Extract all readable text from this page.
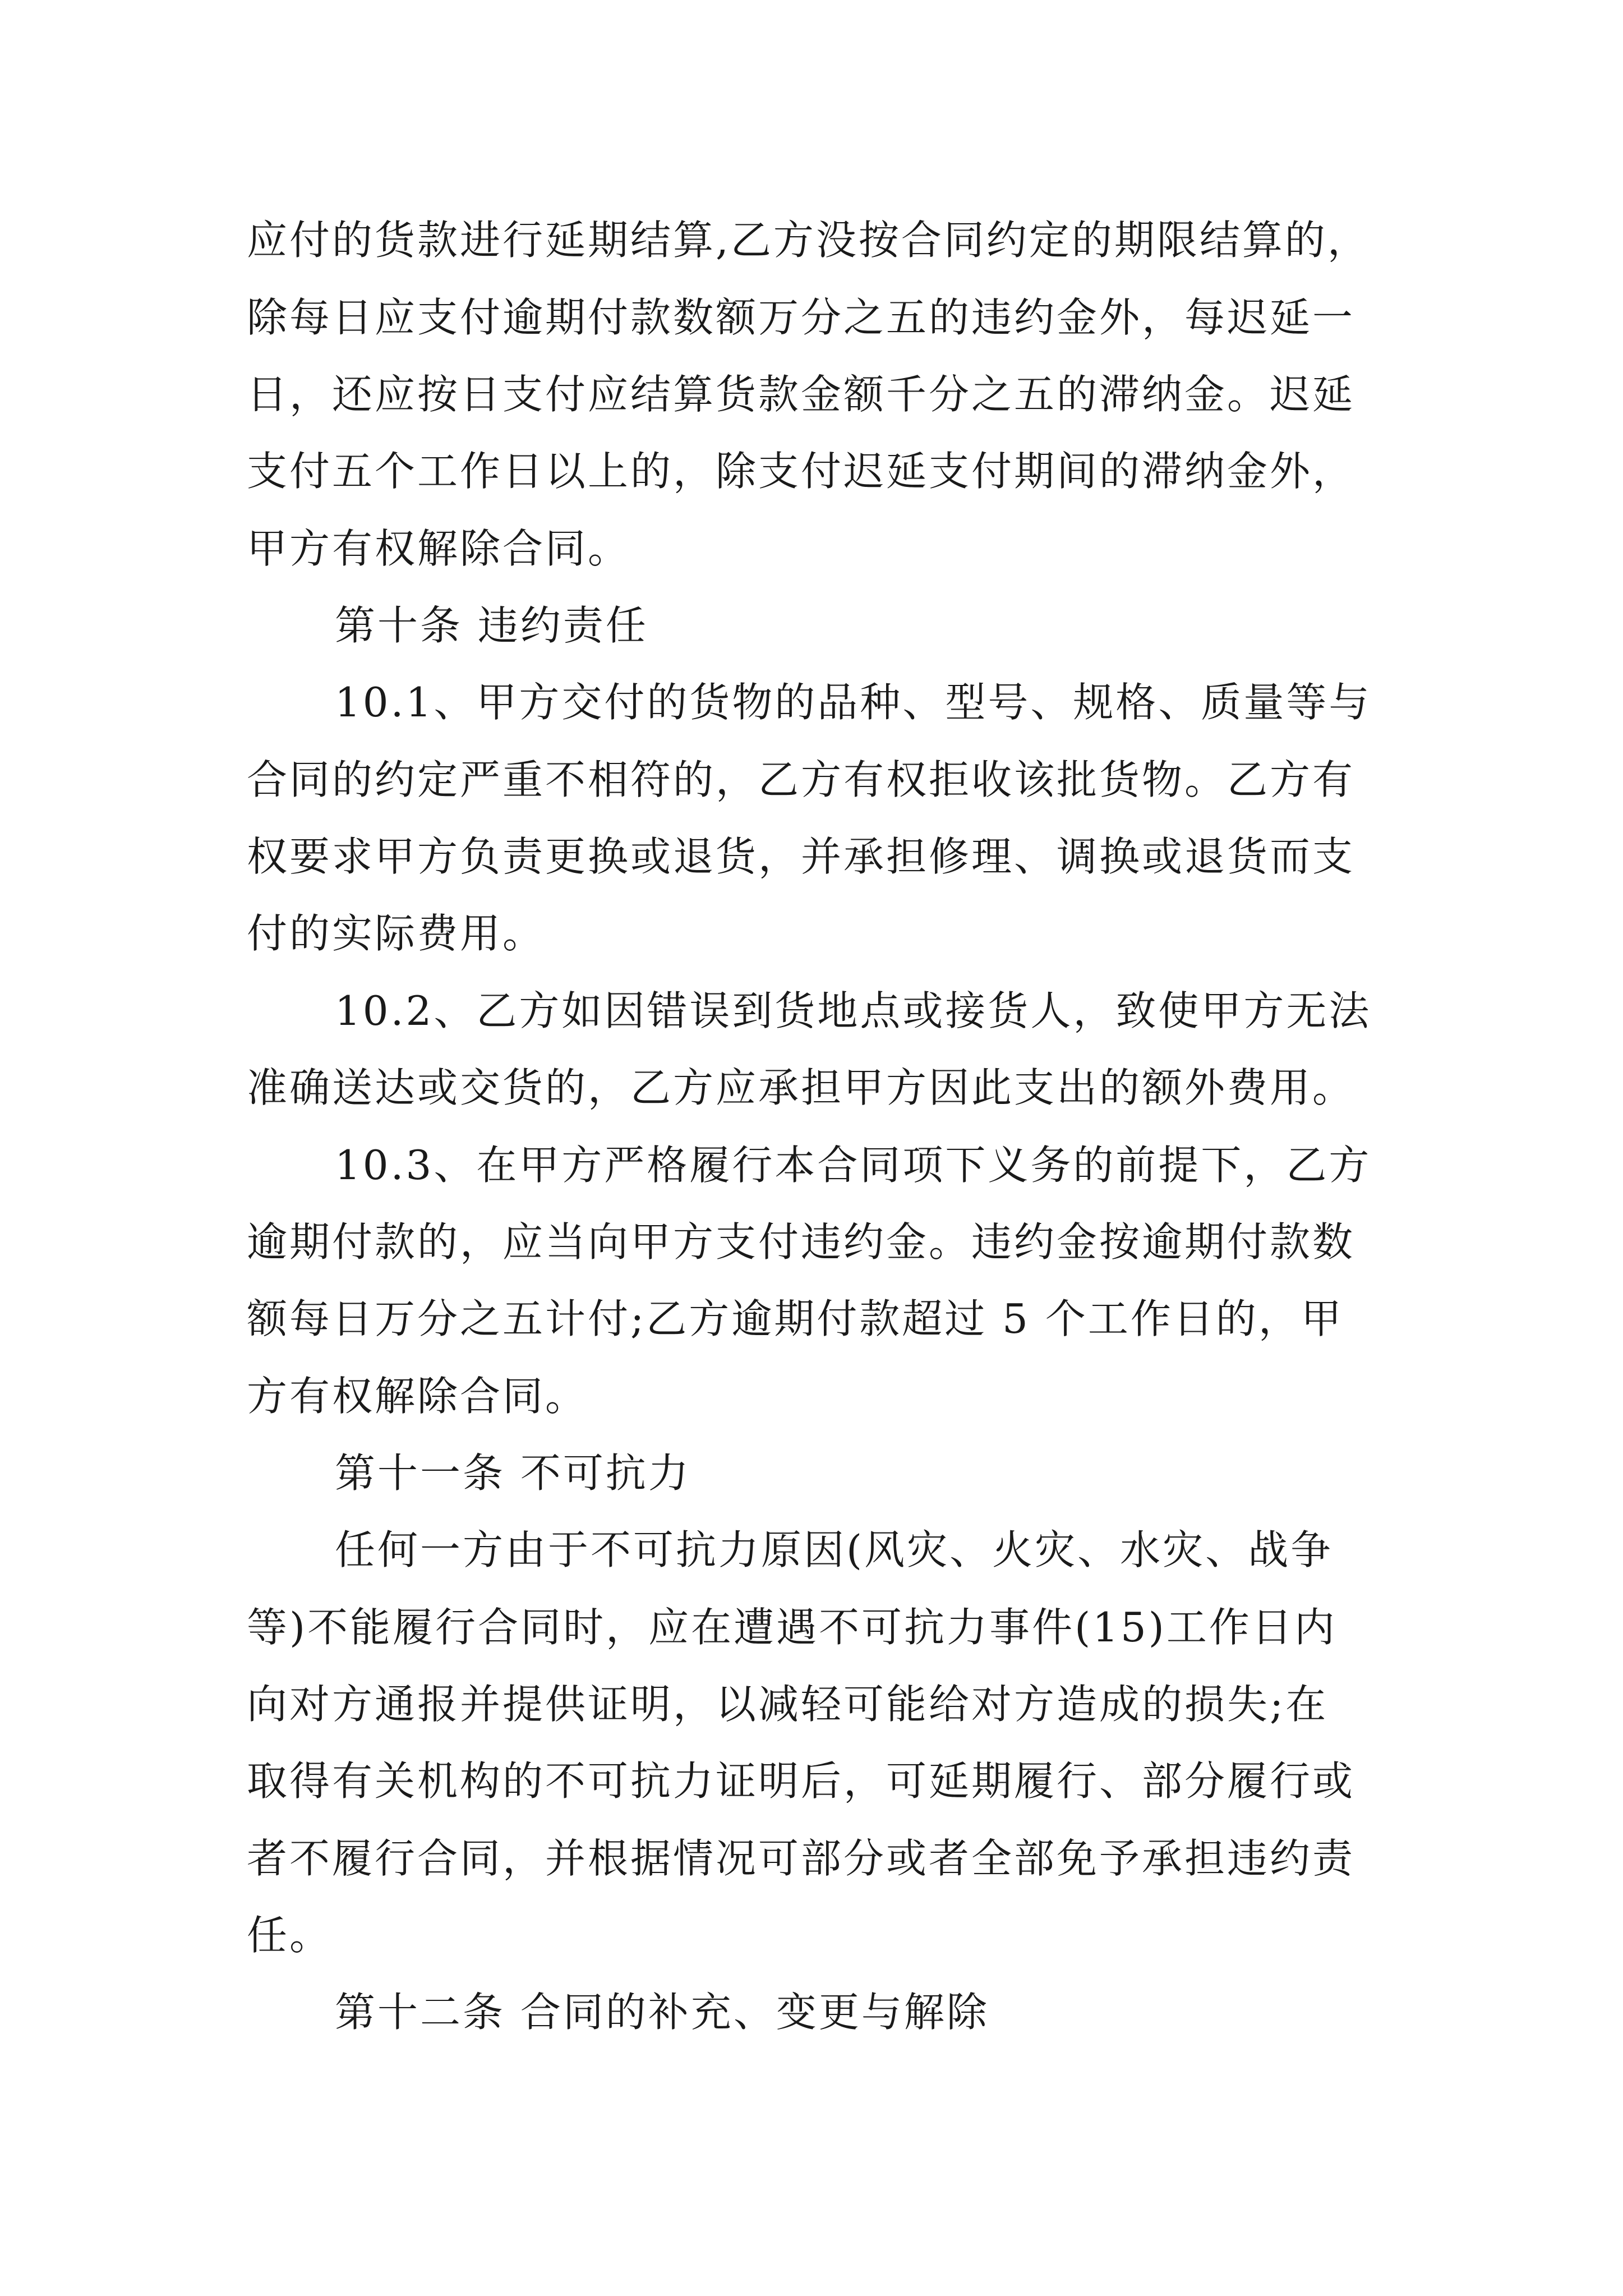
应付的货款进行延期结算,乙方没按合同约定的期限结算的，
除每日应支付逾期付款数额万分之五的违约金外，每迟延一
日，还应按日支付应结算货款金额千分之五的滞纳金。迟延
支付五个工作日以上的，除支付迟延支付期间的滞纳金外，
甲方有权解除合同。
第十条 违约责任
10.1、甲方交付的货物的品种、型号、规格、质量等与
合同的约定严重不相符的，乙方有权拒收该批货物。乙方有
权要求甲方负责更换或退货，并承担修理、调换或退货而支
付的实际费用。
10.2、乙方如因错误到货地点或接货人，致使甲方无法
准确送达或交货的，乙方应承担甲方因此支出的额外费用。
10.3、在甲方严格履行本合同项下义务的前提下，乙方
逾期付款的，应当向甲方支付违约金。违约金按逾期付款数
额每日万分之五计付;乙方逾期付款超过 5 个工作日的，甲
方有权解除合同。
第十一条 不可抗力
任何一方由于不可抗力原因(风灾、火灾、水灾、战争
等)不能履行合同时，应在遭遇不可抗力事件(15)工作日内
向对方通报并提供证明，以减轻可能给对方造成的损失;在
取得有关机构的不可抗力证明后，可延期履行、部分履行或
者不履行合同，并根据情况可部分或者全部免予承担违约责
任。
第十二条 合同的补充、变更与解除
